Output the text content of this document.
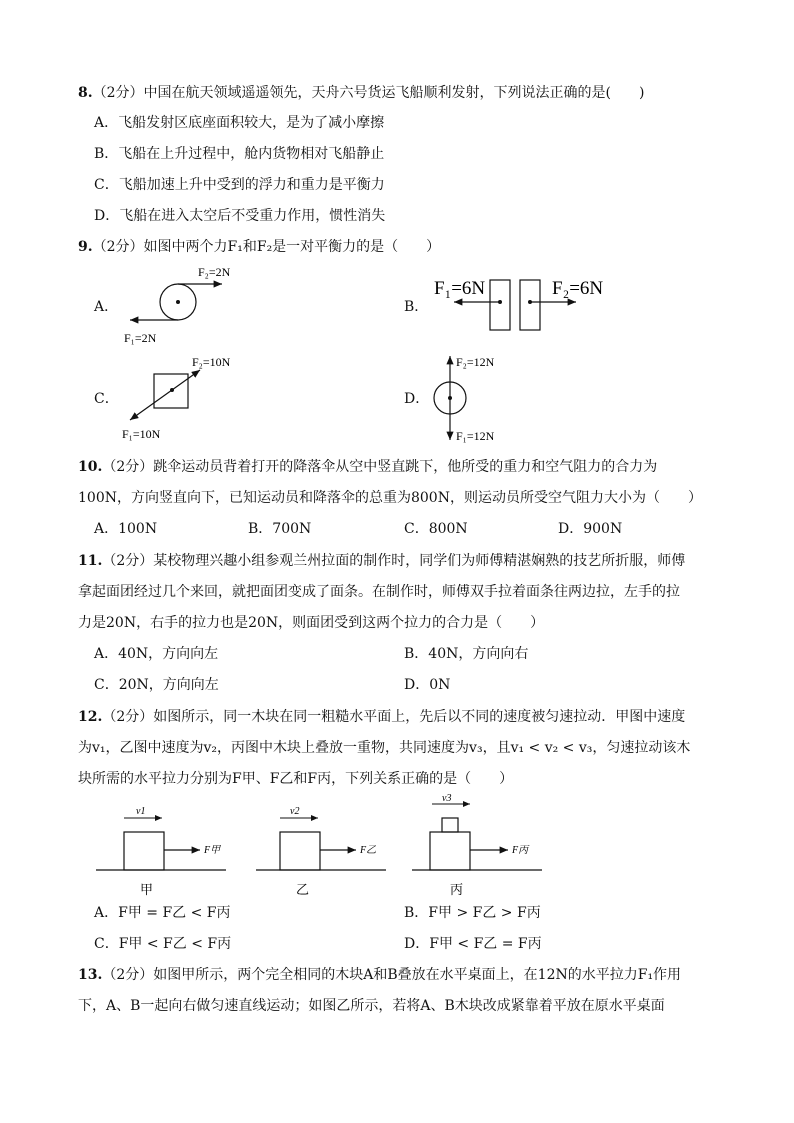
8.（2分）中国在航天领域遥遥领先，天舟六号货运飞船顺利发射，下列说法正确的是(　　)
A．飞船发射区底座面积较大，是为了减小摩擦
B．飞船在上升过程中，舱内货物相对飞船静止
C．飞船加速上升中受到的浮力和重力是平衡力
D．飞船在进入太空后不受重力作用，惯性消失
9.（2分）如图中两个力F₁和F₂是一对平衡力的是（　　）
A．
F₂=2N
F₁=2N
B．
F₁=6N	F₂=6N
C．
F₂=10N
F₁=10N
D．
F₂=12N
F₁=12N
10.（2分）跳伞运动员背着打开的降落伞从空中竖直跳下，他所受的重力和空气阻力的合力为
100N，方向竖直向下，已知运动员和降落伞的总重为800N，则运动员所受空气阻力大小为（　　）
A．100N	B．700N	C．800N	D．900N
11.（2分）某校物理兴趣小组参观兰州拉面的制作时，同学们为师傅精湛娴熟的技艺所折服，师傅
拿起面团经过几个来回，就把面团变成了面条。在制作时，师傅双手拉着面条往两边拉，左手的拉
力是20N，右手的拉力也是20N，则面团受到这两个拉力的合力是（　　）
A．40N，方向向左	B．40N，方向向右
C．20N，方向向左	D．0N
12.（2分）如图所示，同一木块在同一粗糙水平面上，先后以不同的速度被匀速拉动．甲图中速度
为v₁，乙图中速度为v₂，丙图中木块上叠放一重物，共同速度为v₃，且v₁ < v₂ < v₃，匀速拉动该木
块所需的水平拉力分别为F甲、F乙和F丙，下列关系正确的是（　　）
v1
F甲
甲
v2
F乙
乙
v3
F丙
丙
A．F甲 = F乙 < F丙	B．F甲 > F乙 > F丙
C．F甲 < F乙 < F丙	D．F甲 < F乙 = F丙
13.（2分）如图甲所示，两个完全相同的木块A和B叠放在水平桌面上，在12N的水平拉力F₁作用
下，A、B一起向右做匀速直线运动；如图乙所示，若将A、B木块改成紧靠着平放在原水平桌面
